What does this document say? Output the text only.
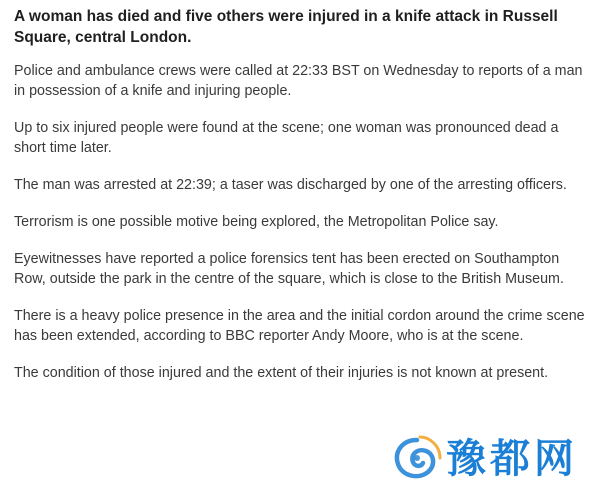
A woman has died and five others were injured in a knife attack in Russell Square, central London.

Police and ambulance crews were called at 22:33 BST on Wednesday to reports of a man in possession of a knife and injuring people.

Up to six injured people were found at the scene; one woman was pronounced dead a short time later.

The man was arrested at 22:39; a taser was discharged by one of the arresting officers.

Terrorism is one possible motive being explored, the Metropolitan Police say.

Eyewitnesses have reported a police forensics tent has been erected on Southampton Row, outside the park in the centre of the square, which is close to the British Museum.

There is a heavy police presence in the area and the initial cordon around the crime scene has been extended, according to BBC reporter Andy Moore, who is at the scene.

The condition of those injured and the extent of their injuries is not known at present.

豫都网
